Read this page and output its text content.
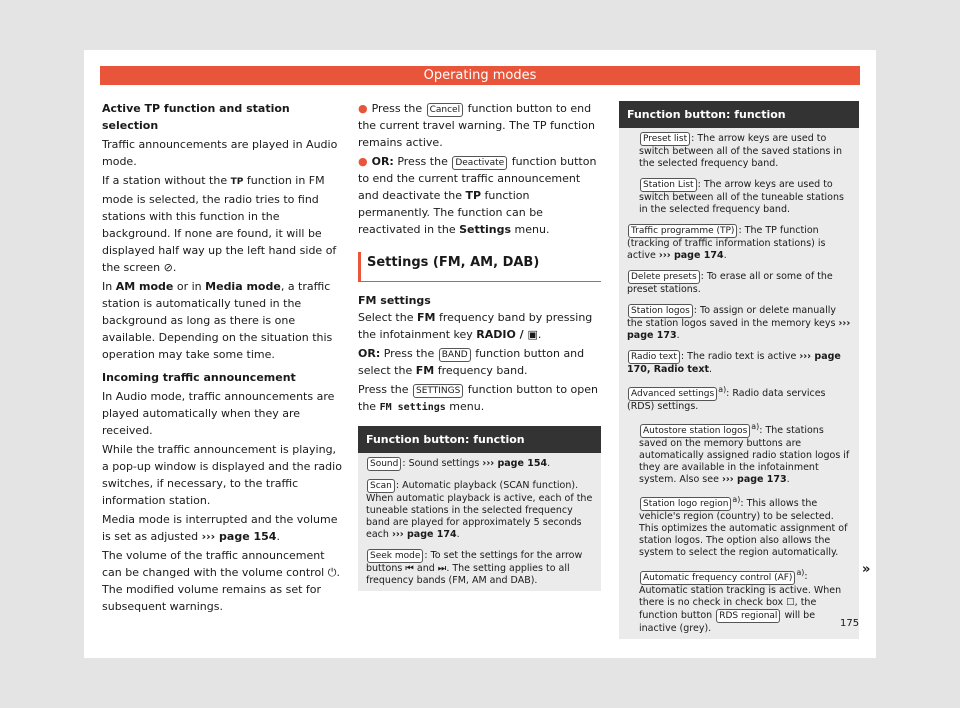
Operating modes

Active TP function and station selection

Traffic announcements are played in Audio mode.

If a station without the TP function in FM mode is selected, the radio tries to find stations with this function in the background. If none are found, it will be displayed half way up the left hand side of the screen ⊘.

In AM mode or in Media mode, a traffic station is automatically tuned in the background as long as there is one available. Depending on the situation this operation may take some time.

Incoming traffic announcement

In Audio mode, traffic announcements are played automatically when they are received.

While the traffic announcement is playing, a pop-up window is displayed and the radio switches, if necessary, to the traffic information station.

Media mode is interrupted and the volume is set as adjusted ››› page 154.

The volume of the traffic announcement can be changed with the volume control ⏻. The modified volume remains as set for subsequent warnings.

● Press the Cancel function button to end the current travel warning. The TP function remains active.

● OR: Press the Deactivate function button to end the current traffic announcement and deactivate the TP function permanently. The function can be reactivated in the Settings menu.

Settings (FM, AM, DAB)

FM settings

Select the FM frequency band by pressing the infotainment key RADIO / ▣.

OR: Press the BAND function button and select the FM frequency band.

Press the SETTINGS function button to open the FM settings menu.

Function button: function
Sound : Sound settings ››› page 154.
Scan : Automatic playback (SCAN function). When automatic playback is active, each of the tuneable stations in the selected frequency band are played for approximately 5 seconds each ››› page 174.
Seek mode : To set the settings for the arrow buttons ⏮ and ⏭. The setting applies to all frequency bands (FM, AM and DAB).
Function button: function
Preset list : The arrow keys are used to switch between all of the saved stations in the selected frequency band.
Station List : The arrow keys are used to switch between all of the tuneable stations in the selected frequency band.
Traffic programme (TP) : The TP function (tracking of traffic information stations) is active ››› page 174.
Delete presets : To erase all or some of the preset stations.
Station logos : To assign or delete manually the station logos saved in the memory keys ››› page 173.
Radio text : The radio text is active ››› page 170, Radio text.
Advanced settings $^{a)}$: Radio data services (RDS) settings.
Autostore station logos $^{a)}$: The stations saved on the memory buttons are automatically assigned radio station logos if they are available in the infotainment system. Also see ››› page 173.
Station logo region $^{a)}$: This allows the vehicle's region (country) to be selected. This optimizes the automatic assignment of station logos. The option also allows the system to select the region automatically.
Automatic frequency control (AF) $^{a)}$: Automatic station tracking is active. When there is no check in check box ☐, the function button RDS regional will be inactive (grey).
»
175
